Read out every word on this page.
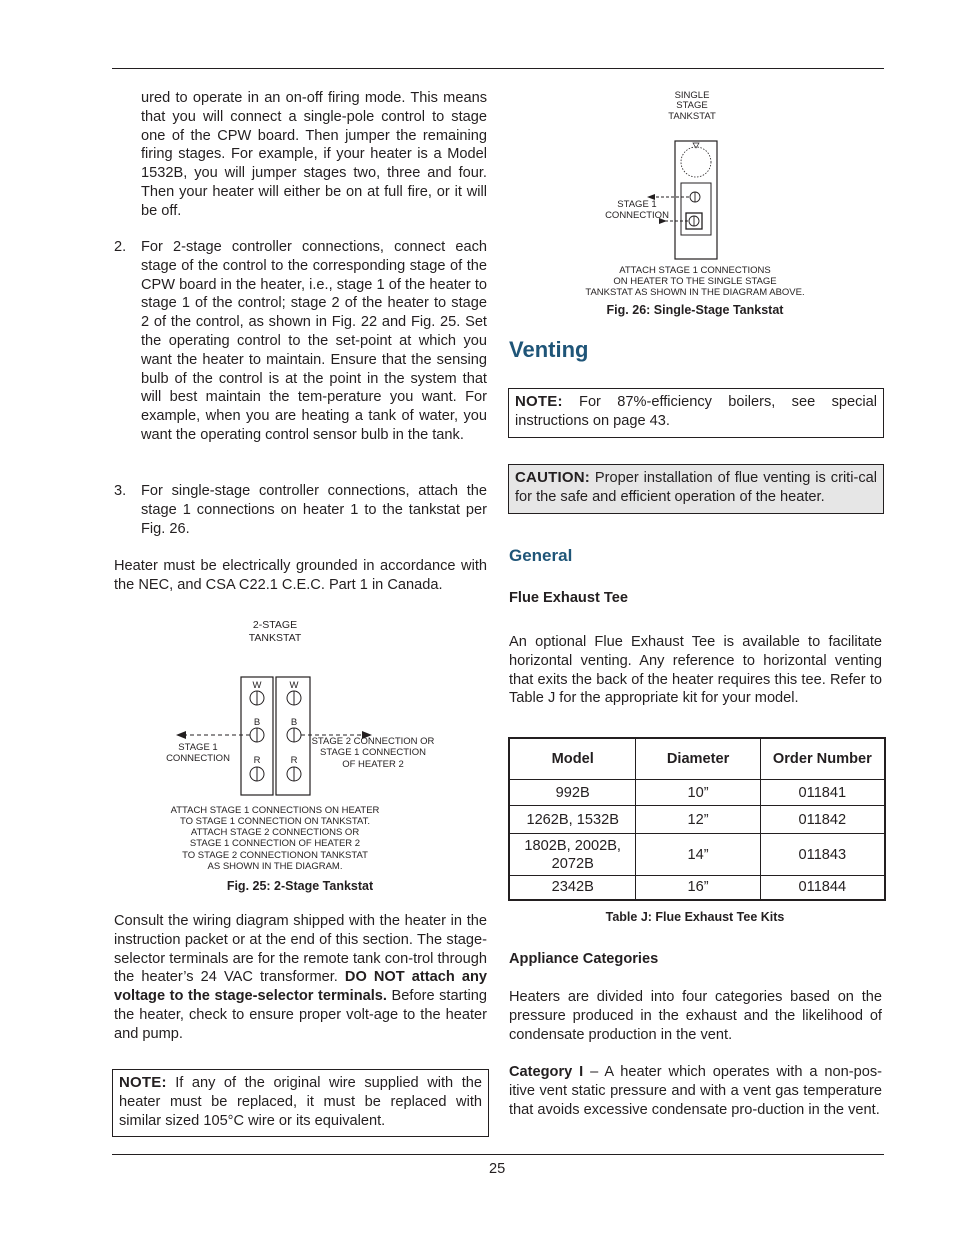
ured to operate in an on-off firing mode. This means that you will connect a single-pole control to stage one of the CPW board. Then jumper the remaining firing stages. For example, if your heater is a Model 1532B, you will jumper stages two, three and four. Then your heater will either be on at full fire, or it will be off.
2. For 2-stage controller connections, connect each stage of the control to the corresponding stage of the CPW board in the heater, i.e., stage 1 of the heater to stage 1 of the control; stage 2 of the heater to stage 2 of the control, as shown in Fig. 22 and Fig. 25. Set the operating control to the set-point at which you want the heater to maintain. Ensure that the sensing bulb of the control is at the point in the system that will best maintain the tem-perature you want. For example, when you are heating a tank of water, you want the operating control sensor bulb in the tank.
3. For single-stage controller connections, attach the stage 1 connections on heater 1 to the tankstat per Fig. 26.
Heater must be electrically grounded in accordance with the NEC, and CSA C22.1 C.E.C. Part 1 in Canada.
2-STAGE
TANKSTAT
W	W
B	B
R	R
STAGE 1
CONNECTION
STAGE 2 CONNECTION OR
STAGE 1 CONNECTION
OF HEATER 2
ATTACH STAGE 1 CONNECTIONS ON HEATER
TO STAGE 1 CONNECTION ON TANKSTAT.
ATTACH STAGE 2 CONNECTIONS OR
STAGE 1 CONNECTION OF HEATER 2
TO STAGE 2 CONNECTIONON TANKSTAT
AS SHOWN IN THE DIAGRAM.
Fig. 25: 2-Stage Tankstat
Consult the wiring diagram shipped with the heater in the instruction packet or at the end of this section. The stage-selector terminals are for the remote tank con-trol through the heater’s 24 VAC transformer. DO NOT attach any voltage to the stage-selector terminals. Before starting the heater, check to ensure proper volt-age to the heater and pump.
NOTE: If any of the original wire supplied with the heater must be replaced, it must be replaced with similar sized 105°C wire or its equivalent.
SINGLE
STAGE
TANKSTAT
STAGE 1
CONNECTION
ATTACH STAGE 1 CONNECTIONS
ON HEATER TO THE SINGLE STAGE
TANKSTAT AS SHOWN IN THE DIAGRAM ABOVE.
Fig. 26: Single-Stage Tankstat
Venting
NOTE: For 87%-efficiency boilers, see special instructions on page 43.
CAUTION: Proper installation of flue venting is criti-cal for the safe and efficient operation of the heater.
General
Flue Exhaust Tee
An optional Flue Exhaust Tee is available to facilitate horizontal venting. Any reference to horizontal venting that exits the back of the heater requires this tee. Refer to Table J for the appropriate kit for your model.
Model	Diameter	Order Number
992B	10”	011841
1262B, 1532B	12”	011842
1802B, 2002B, 2072B	14”	011843
2342B	16”	011844
Table J: Flue Exhaust Tee Kits
Appliance Categories
Heaters are divided into four categories based on the pressure produced in the exhaust and the likelihood of condensate production in the vent.
Category I – A heater which operates with a non-pos-itive vent static pressure and with a vent gas temperature that avoids excessive condensate pro-duction in the vent.
25
